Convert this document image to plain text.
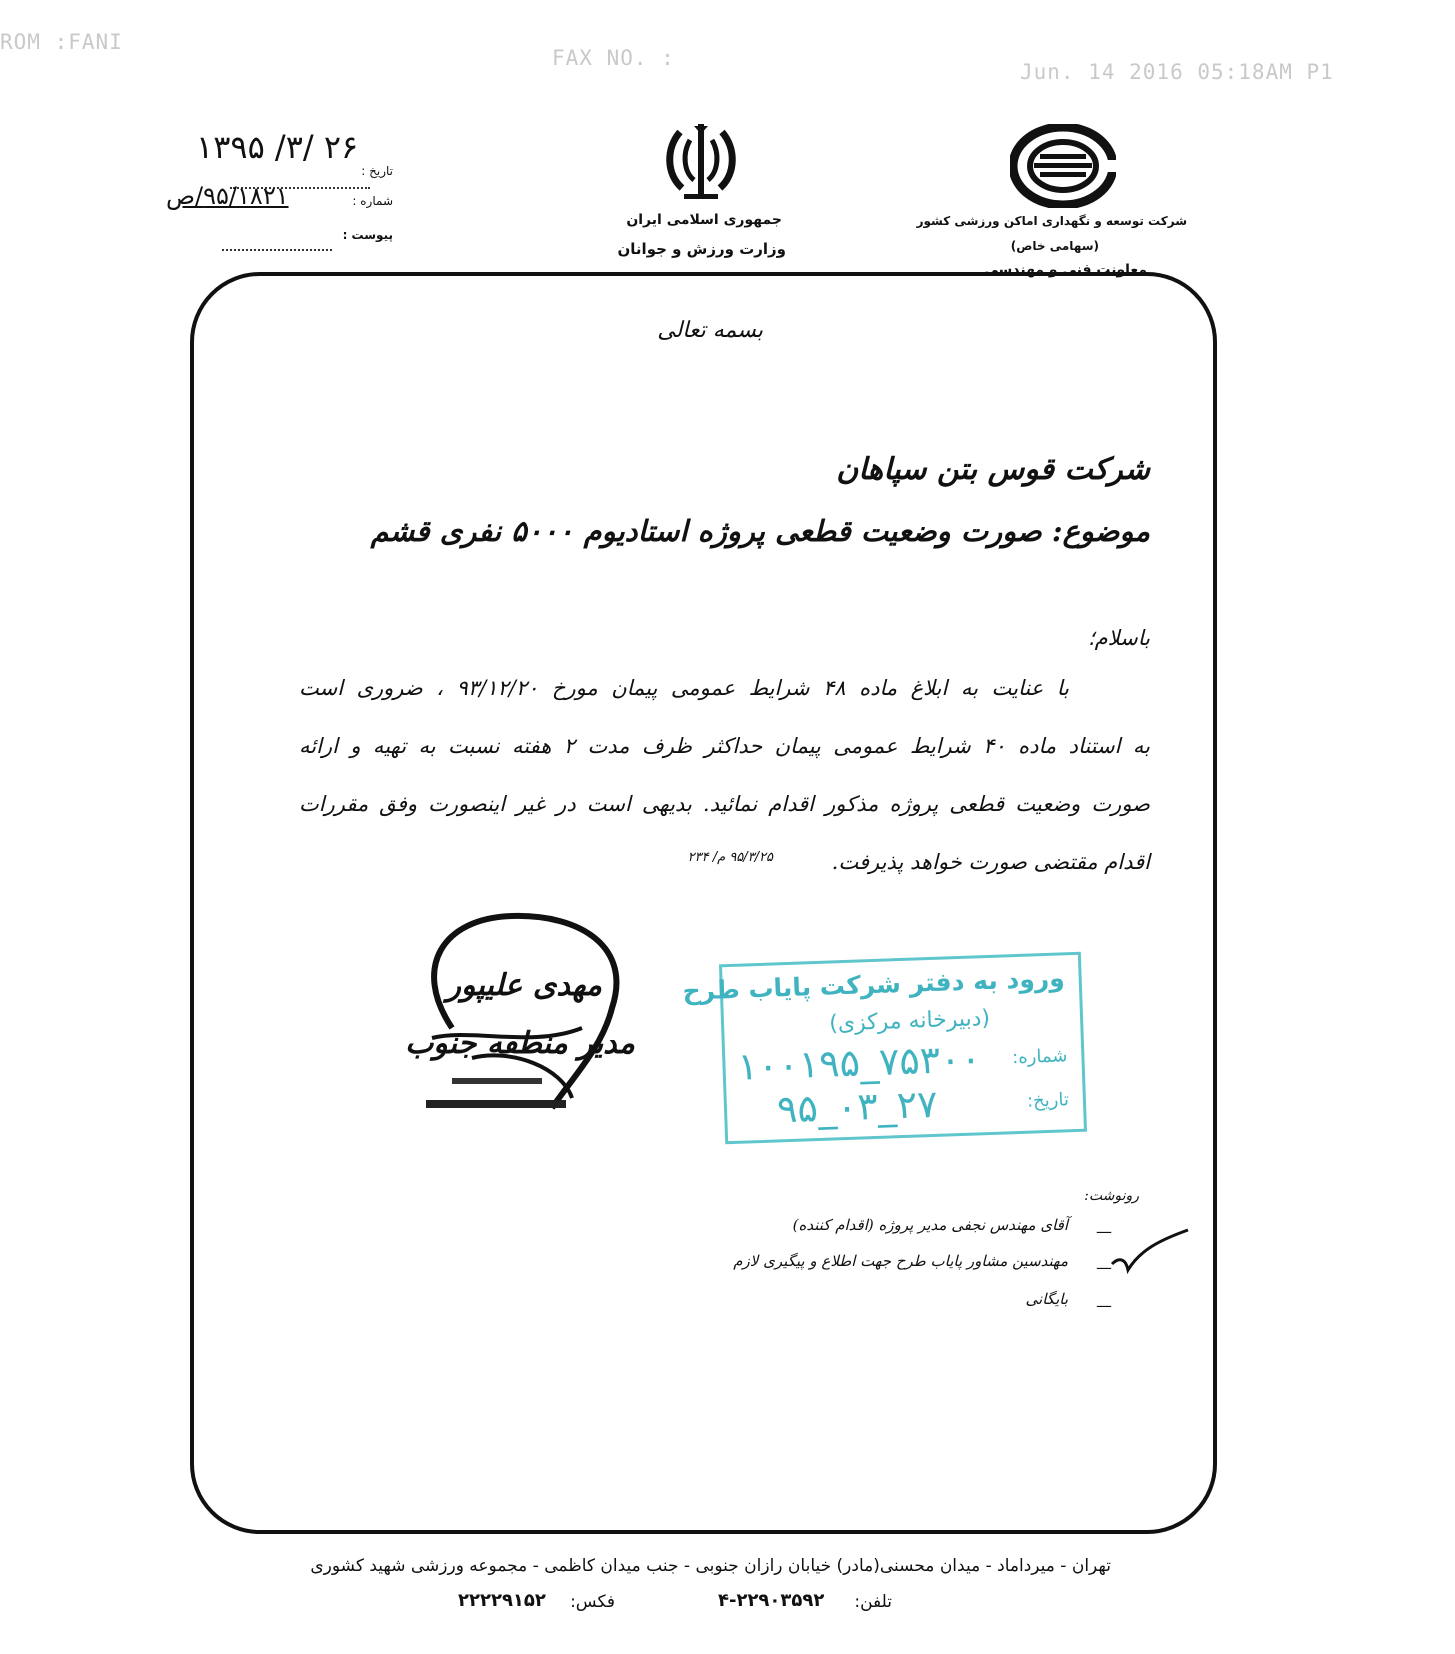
ROM :FANI
FAX NO. :
Jun. 14 2016 05:18AM P1
شرکت توسعه و نگهداری اماکن ورزشی کشور
(سهامی خاص)
معاونت فنی و مهندسی
جمهوری اسلامی ایران
وزارت ورزش و جوانان
۱۳۹۵ /۳/ ۲۶
تاریخ :
۹۵/۱۸۲۱/ص	شماره :
پیوست :
بسمه تعالی
شرکت قوس بتن سپاهان
موضوع: صورت وضعیت قطعی پروژه استادیوم ۵۰۰۰ نفری قشم
باسلام؛
با عنایت به ابلاغ ماده ۴۸ شرایط عمومی پیمان مورخ ۹۳/۱۲/۲۰ ، ضروری است
به استناد ماده ۴۰ شرایط عمومی پیمان حداکثر ظرف مدت ۲ هفته نسبت به تهیه و ارائه
صورت وضعیت قطعی پروژه مذکور اقدام نمائید. بدیهی است در غیر اینصورت وفق مقررات
اقدام مقتضی صورت خواهد پذیرفت.
۹۵/۳/۲۵ م/ ۲۳۴
مهدی علیپور
مدیر منطقه جنوب
ورود به دفتر شرکت پایاب طرح
(دبیرخانه مرکزی)
شماره:
۱۰۰۱۹۵_۷۵۳۰۰
تاریخ:
۹۵_۰۳_۲۷
رونوشت:
—
آقای مهندس نجفی مدیر پروژه (اقدام کننده)
—
مهندسین مشاور پایاب طرح جهت اطلاع و پیگیری لازم
—
بایگانی
تهران - میرداماد - میدان محسنی(مادر) خیابان رازان جنوبی - جنب میدان کاظمی - مجموعه ورزشی شهید کشوری
تلفن:
۴-۲۲۹۰۳۵۹۲
فکس:
۲۲۲۲۹۱۵۲
